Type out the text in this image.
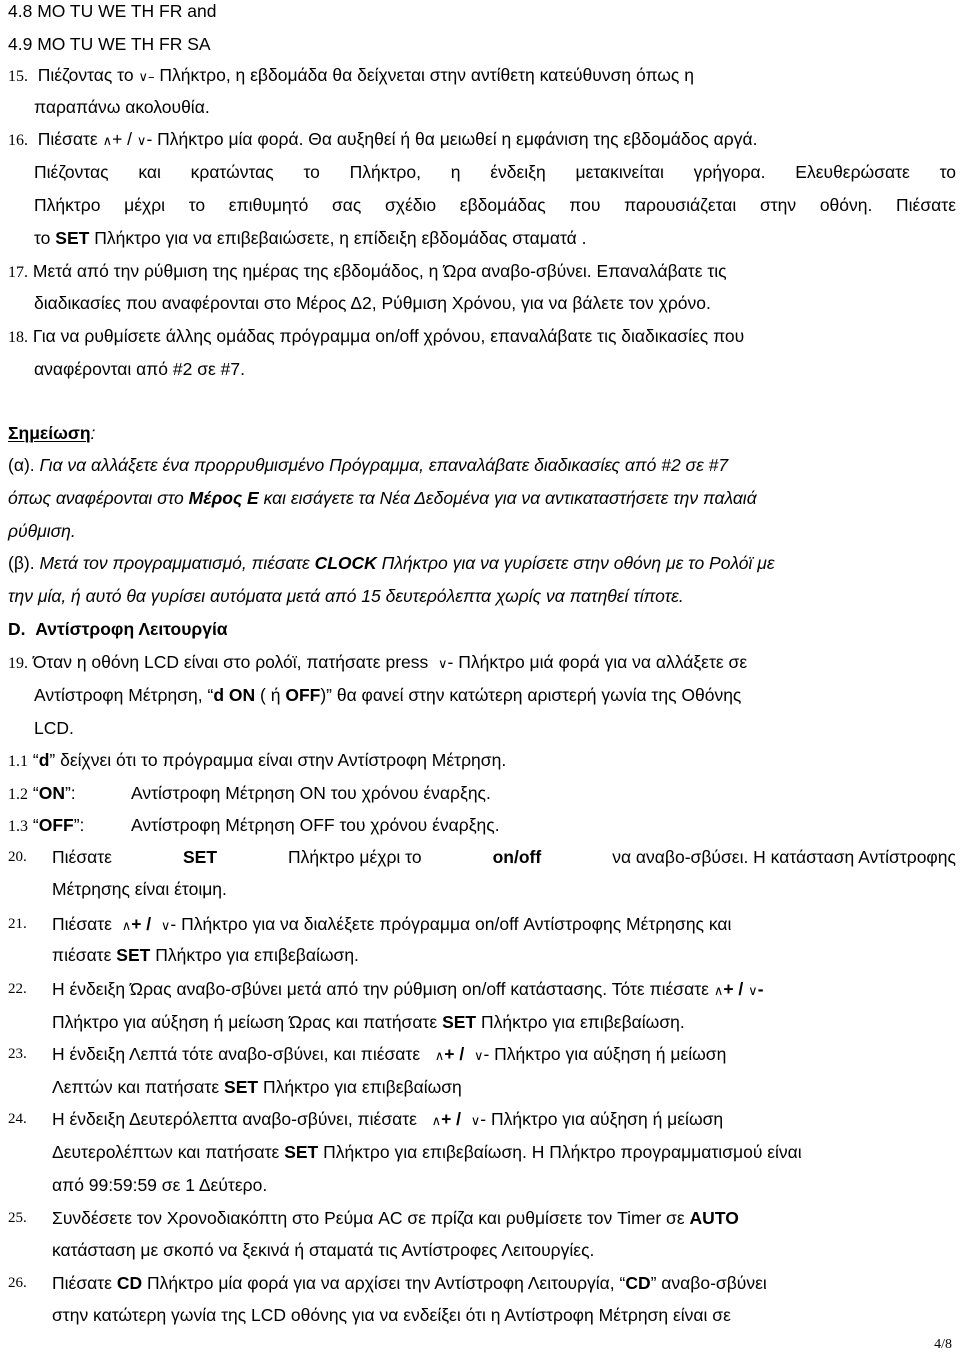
4.8 MO TU WE TH FR and
4.9 MO TU WE TH FR SA
15. Πιέζοντας το ∨– Πλήκτρο, η εβδομάδα θα δείχνεται στην αντίθετη κατεύθυνση όπως η
παραπάνω ακολουθία.
16. Πιέσατε ∧+ / ∨- Πλήκτρο μία φορά. Θα αυξηθεί ή θα μειωθεί η εμφάνιση της εβδομάδος αργά.
Πιέζοντας και κρατώντας το Πλήκτρο, η ένδειξη μετακινείται γρήγορα. Ελευθερώσατε το
Πλήκτρο μέχρι το επιθυμητό σας σχέδιο εβδομάδας που παρουσιάζεται στην οθόνη. Πιέσατε
το SET Πλήκτρο για να επιβεβαιώσετε, η επίδειξη εβδομάδας σταματά .
17. Μετά από την ρύθμιση της ημέρας της εβδομάδος, η Ώρα αναβο-σβύνει. Επαναλάβατε τις
διαδικασίες που αναφέρονται στο Μέρος Δ2, Ρύθμιση Χρόνου, για να βάλετε τον χρόνο.
18. Για να ρυθμίσετε άλλης ομάδας πρόγραμμα on/off χρόνου, επαναλάβατε τις διαδικασίες που
αναφέρονται από #2 σε #7.
Σημείωση:
(α). Για να αλλάξετε ένα προρρυθμισμένο Πρόγραμμα, επαναλάβατε διαδικασίες από #2 σε #7
όπως αναφέρονται στο Μέρος Ε και εισάγετε τα Νέα Δεδομένα για να αντικαταστήσετε την παλαιά
ρύθμιση.
(β). Μετά τον προγραμματισμό, πιέσατε CLOCK Πλήκτρο για να γυρίσετε στην οθόνη με το Ρολόϊ με
την μία, ή αυτό θα γυρίσει αυτόματα μετά από 15 δευτερόλεπτα χωρίς να πατηθεί τίποτε.
D. Αντίστροφη Λειτουργία
19. Όταν η οθόνη LCD είναι στο ρολόϊ, πατήσατε press ∨- Πλήκτρο μιά φορά για να αλλάξετε σε
Αντίστροφη Μέτρηση, “d ON ( ή OFF)” θα φανεί στην κατώτερη αριστερή γωνία της Οθόνης
LCD.
1.1 “d” δείχνει ότι το πρόγραμμα είναι στην Αντίστροφη Μέτρηση.
1.2 “ON”:	Αντίστροφη Μέτρηση ON του χρόνου έναρξης.
1.3 “OFF”:	Αντίστροφη Μέτρηση OFF του χρόνου έναρξης.
20. Πιέσατε	SET	Πλήκτρο μέχρι το	on/off	να αναβο-σβύσει. Η κατάσταση Αντίστροφης
Μέτρησης είναι έτοιμη.
21. Πιέσατε ∧+ / ∨- Πλήκτρο για να διαλέξετε πρόγραμμα on/off Αντίστροφης Μέτρησης και
πιέσατε SET Πλήκτρο για επιβεβαίωση.
22. Η ένδειξη Ώρας αναβο-σβύνει μετά από την ρύθμιση on/off κατάστασης. Τότε πιέσατε ∧+ / ∨-
Πλήκτρο για αύξηση ή μείωση Ώρας και πατήσατε SET Πλήκτρο για επιβεβαίωση.
23. Η ένδειξη Λεπτά τότε αναβο-σβύνει, και πιέσατε ∧+ / ∨- Πλήκτρο για αύξηση ή μείωση
Λεπτών και πατήσατε SET Πλήκτρο για επιβεβαίωση
24. Η ένδειξη Δευτερόλεπτα αναβο-σβύνει, πιέσατε ∧+ / ∨- Πλήκτρο για αύξηση ή μείωση
Δευτερολέπτων και πατήσατε SET Πλήκτρο για επιβεβαίωση. Η Πλήκτρο προγραμματισμού είναι
από 99:59:59 σε 1 Δεύτερο.
25. Συνδέσετε τον Χρονοδιακόπτη στο Ρεύμα AC σε πρίζα και ρυθμίσετε τον Timer σε AUTO
κατάσταση με σκοπό να ξεκινά ή σταματά τις Αντίστροφες Λειτουργίες.
26. Πιέσατε CD Πλήκτρο μία φορά για να αρχίσει την Αντίστροφη Λειτουργία, “CD” αναβο-σβύνει
στην κατώτερη γωνία της LCD οθόνης για να ενδείξει ότι η Αντίστροφη Μέτρηση είναι σε
4/8
